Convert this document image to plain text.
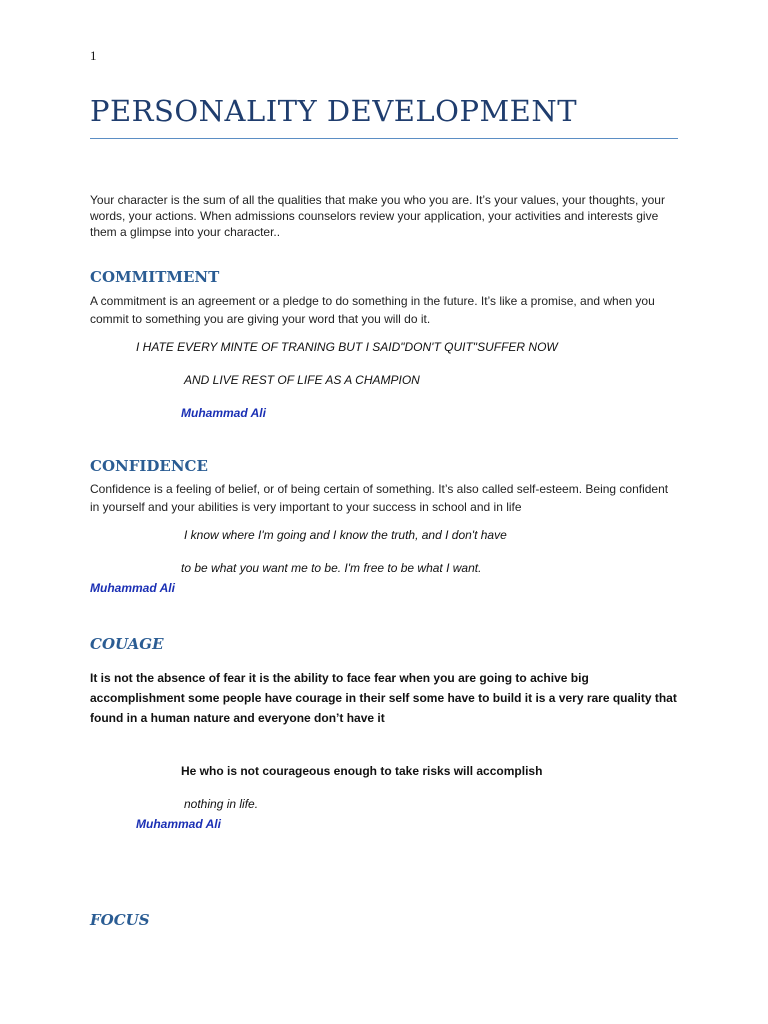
1
PERSONALITY DEVELOPMENT
Your character is the sum of all the qualities that make you who you are. It’s your values, your thoughts, your words, your actions. When admissions counselors review your application, your activities and interests give them a glimpse into your character..
COMMITMENT
A commitment is an agreement or a pledge to do something in the future. It’s like a promise, and when you commit to something you are giving your word that you will do it.
I HATE EVERY MINTE OF TRANING BUT I SAID"DON'T QUIT"SUFFER NOW
AND LIVE REST OF LIFE AS A CHAMPION
Muhammad Ali
CONFIDENCE
Confidence is a feeling of belief, or of being certain of something. It’s also called self-esteem. Being confident in yourself and your abilities is very important to your success in school and in life
I know where I'm going and I know the truth, and I don't have
to be what you want me to be. I'm free to be what I want.
Muhammad Ali
COUAGE
It is not the absence of fear it is the ability to face fear when you are going to achive big accomplishment some people have courage in their self some have to build it is a very rare quality that found in a human nature and everyone don’t have it
He who is not courageous enough to take risks will accomplish
nothing in life.
Muhammad Ali
FOCUS
